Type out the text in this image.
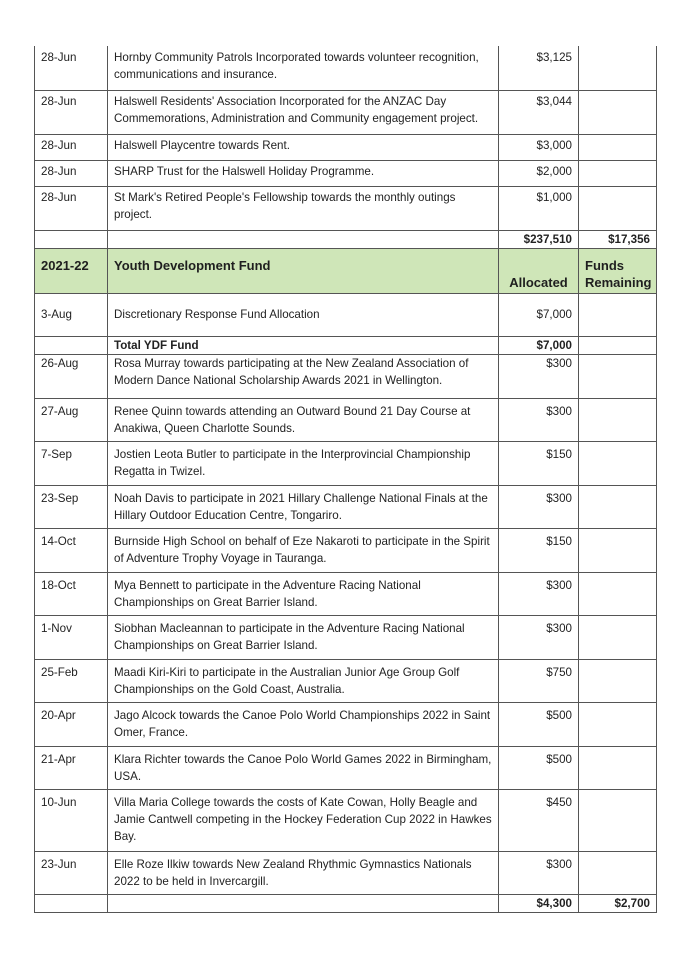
28-Jun	Hornby Community Patrols Incorporated towards volunteer recognition, communications and insurance.	$3,125	
28-Jun	Halswell Residents' Association Incorporated for the ANZAC Day Commemorations, Administration and Community engagement project.	$3,044	
28-Jun	Halswell Playcentre towards Rent.	$3,000	
28-Jun	SHARP Trust for the Halswell Holiday Programme.	$2,000	
28-Jun	St Mark's Retired People's Fellowship towards the monthly outings project.	$1,000	
		$237,510	$17,356
2021-22	Youth Development Fund	Allocated	Funds Remaining
3-Aug	Discretionary Response Fund Allocation	$7,000	
	Total YDF Fund	$7,000	
26-Aug	Rosa Murray towards participating at the New Zealand Association of Modern Dance National Scholarship Awards 2021 in Wellington.	$300	
27-Aug	Renee Quinn towards attending an Outward Bound 21 Day Course at Anakiwa, Queen Charlotte Sounds.	$300	
7-Sep	Jostien Leota Butler to participate in the Interprovincial Championship Regatta in Twizel.	$150	
23-Sep	Noah Davis to participate in 2021 Hillary Challenge National Finals at the Hillary Outdoor Education Centre, Tongariro.	$300	
14-Oct	Burnside High School on behalf of Eze Nakaroti to participate in the Spirit of Adventure Trophy Voyage in Tauranga.	$150	
18-Oct	Mya Bennett to participate in the Adventure Racing National Championships on Great Barrier Island.	$300	
1-Nov	Siobhan Macleannan to participate in the Adventure Racing National Championships on Great Barrier Island.	$300	
25-Feb	Maadi Kiri-Kiri to participate in the Australian Junior Age Group Golf Championships on the Gold Coast, Australia.	$750	
20-Apr	Jago Alcock towards the Canoe Polo World Championships 2022 in Saint Omer, France.	$500	
21-Apr	Klara Richter towards the Canoe Polo World Games 2022 in Birmingham, USA.	$500	
10-Jun	Villa Maria College towards the costs of Kate Cowan, Holly Beagle and Jamie Cantwell competing in the Hockey Federation Cup 2022 in Hawkes Bay.	$450	
23-Jun	Elle Roze Ilkiw towards New Zealand Rhythmic Gymnastics Nationals 2022 to be held in Invercargill.	$300	
		$4,300	$2,700
